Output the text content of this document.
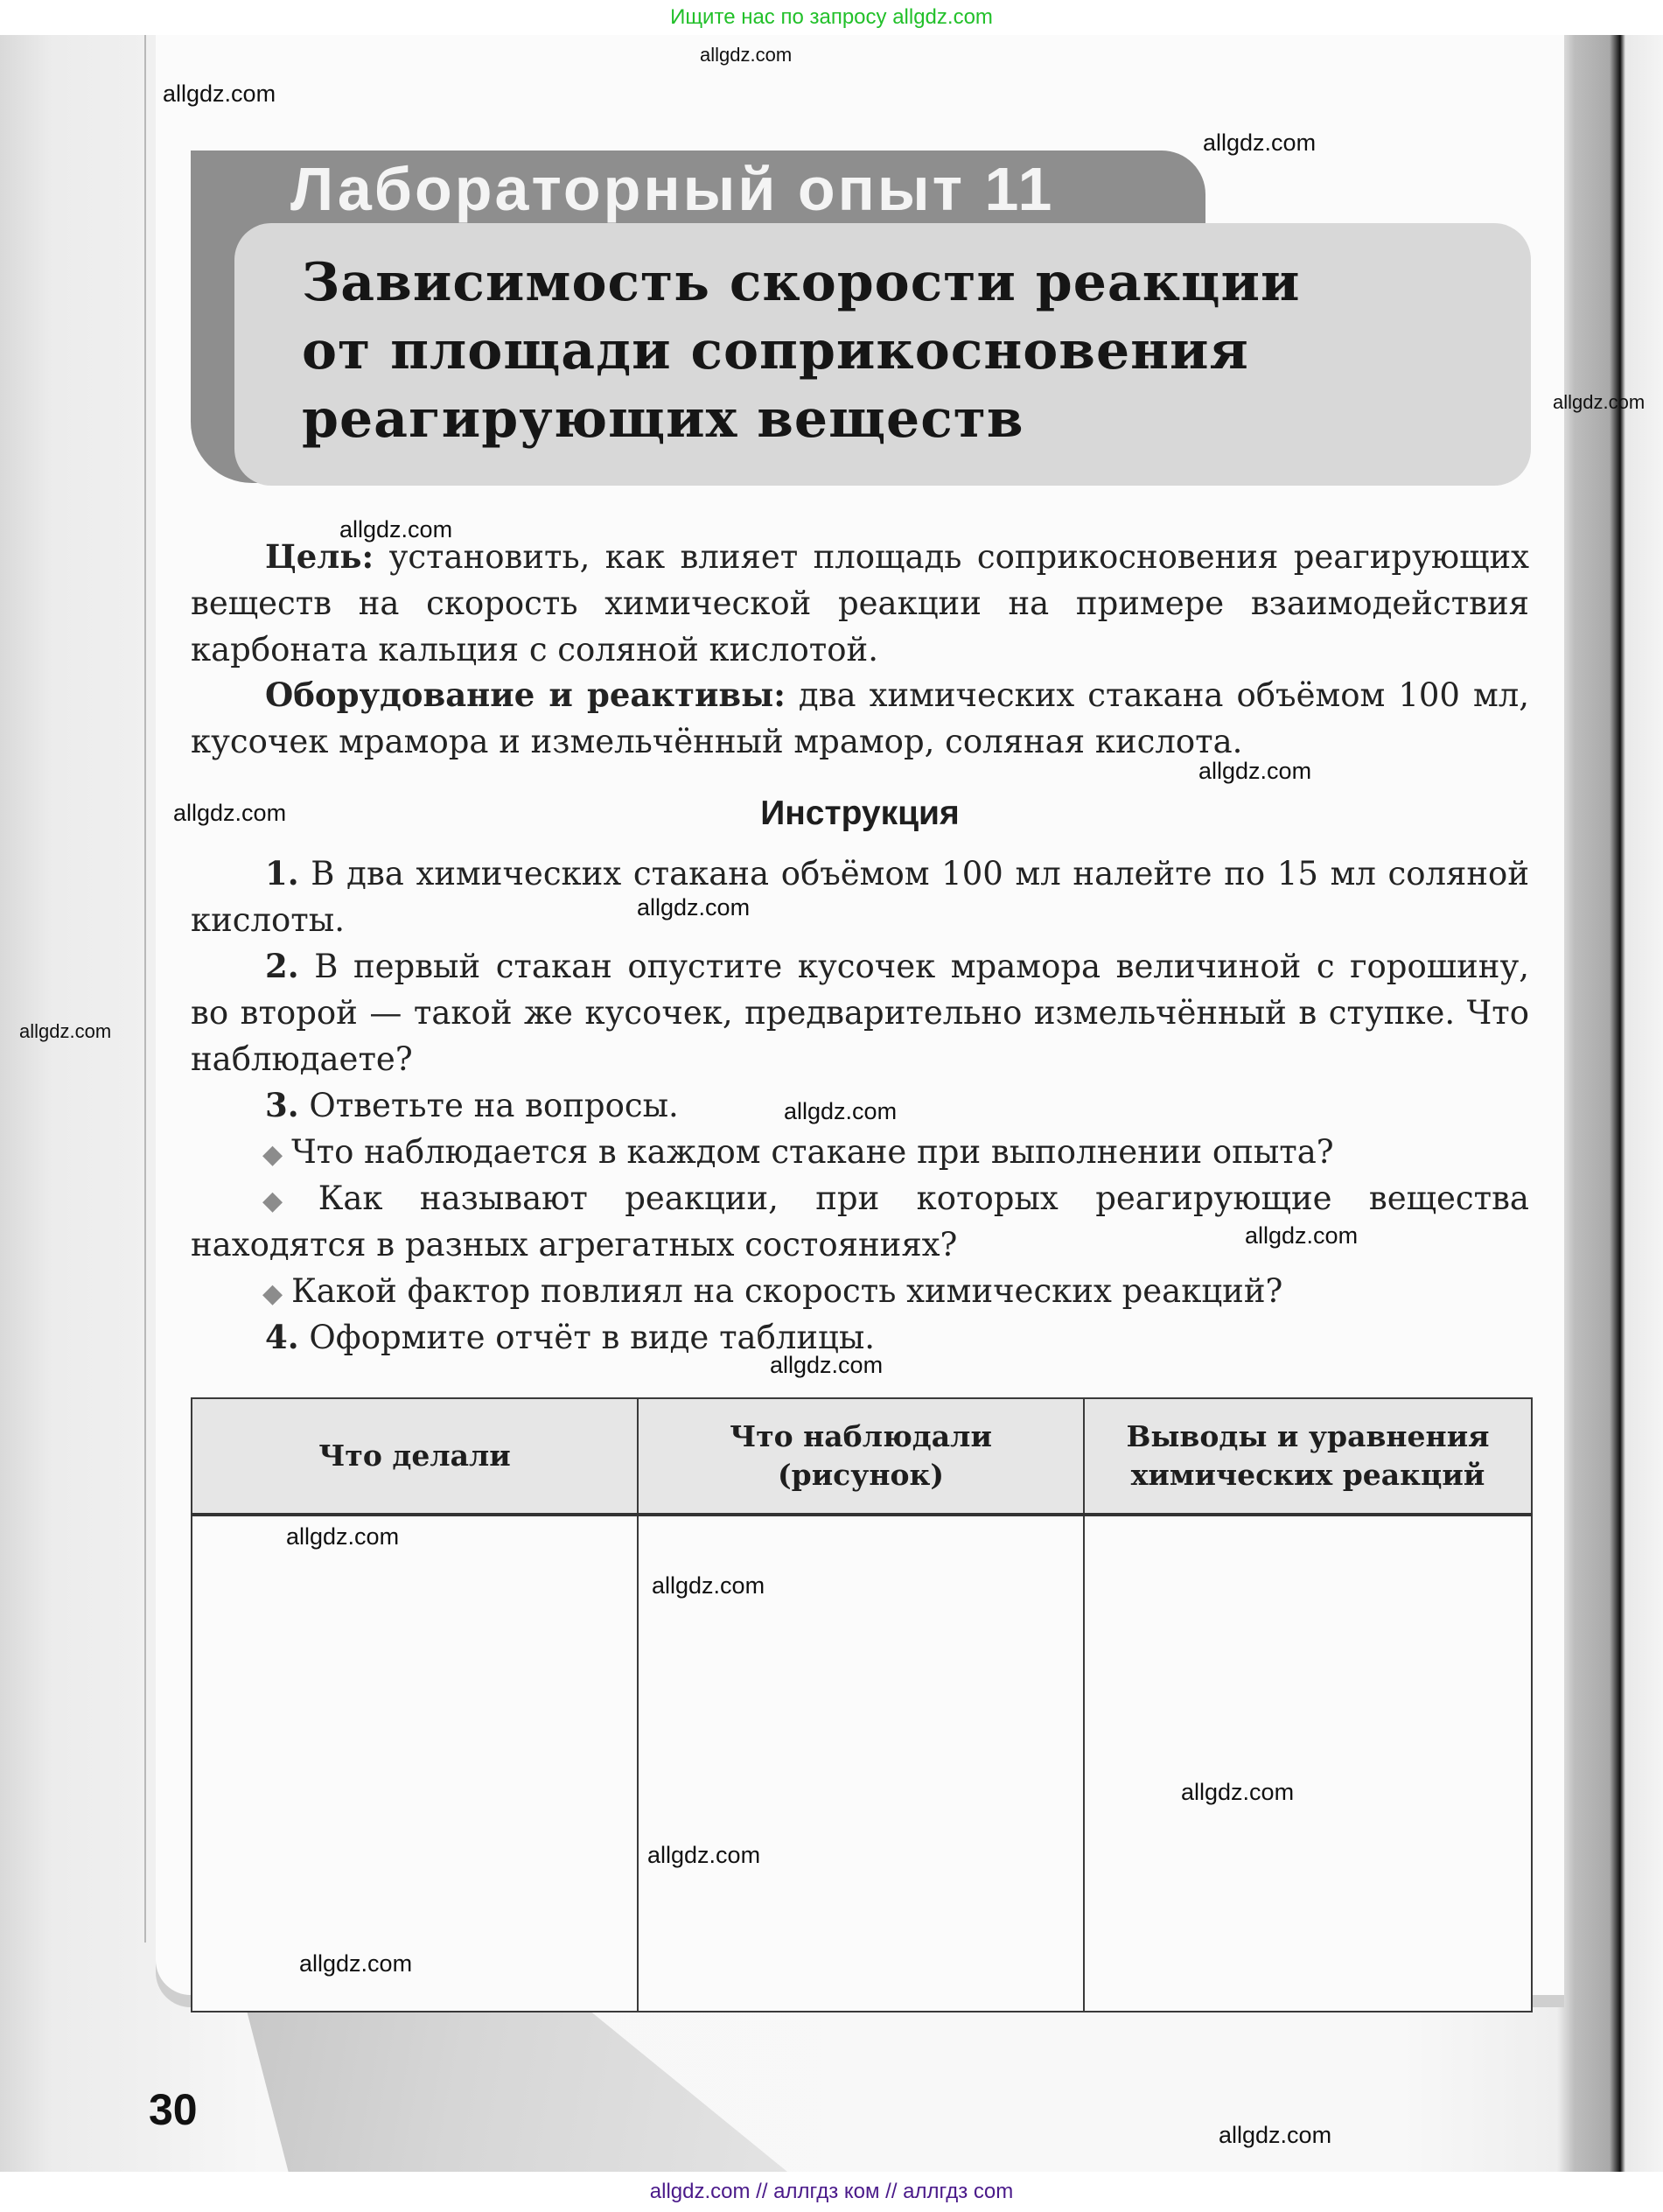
Ищите нас по запросу allgdz.com
Лабораторный опыт 11
Зависимость скорости реакции
от площади соприкосновения
реагирующих веществ

Цель: установить, как влияет площадь соприкосновения реагирующих веществ на скорость химической реакции на примере взаимодействия карбоната кальция с соляной кислотой.

Оборудование и реактивы: два химических стакана объёмом 100 мл, кусочек мрамора и измельчённый мрамор, соляная кислота.

Инструкция

1. В два химических стакана объёмом 100 мл налейте по 15 мл соляной кислоты.

2. В первый стакан опустите кусочек мрамора величиной с горошину, во второй — такой же кусочек, предварительно измельчённый в ступке. Что наблюдаете?

3. Ответьте на вопросы.

◆ Что наблюдается в каждом стакане при выполнении опыта?
◆ Как называют реакции, при которых реагирующие вещества
находятся в разных агрегатных состояниях?
◆ Какой фактор повлиял на скорость химических реакций?

4. Оформите отчёт в виде таблицы.

Что делали	Что наблюдали (рисунок)	Выводы и уравнения химических реакций

30
allgdz.com
allgdz.com
allgdz.com
allgdz.com
allgdz.com
allgdz.com
allgdz.com
allgdz.com
allgdz.com
allgdz.com
allgdz.com
allgdz.com
allgdz.com
allgdz.com
allgdz.com
allgdz.com
allgdz.com
allgdz.com
allgdz.com // аллгдз ком // аллгдз com
